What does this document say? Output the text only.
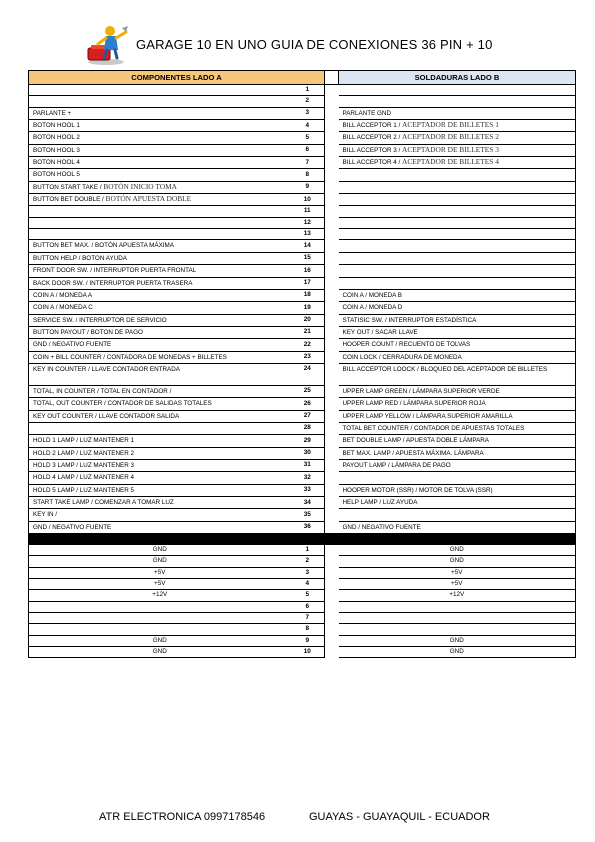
GARAGE 10 EN UNO GUIA DE CONEXIONES 36 PIN + 10
COMPONENTES LADO A			SOLDADURAS LADO B
	1		
	2		
PARLANTE +	3		PARLANTE GND
BOTON HOOL 1	4		BILL ACCEPTOR 1 / ACEPTADOR DE BILLETES 1
BOTON HOOL 2	5		BILL ACCEPTOR 2 / ACEPTADOR DE BILLETES 2
BOTON HOOL 3	6		BILL ACCEPTOR 3 / ACEPTADOR DE BILLETES 3
BOTON HOOL 4	7		BILL ACCEPTOR 4 / ACEPTADOR DE BILLETES 4
BOTON HOOL 5	8		
BUTTON START TAKE / BOTÓN INICIO TOMA	9		
BUTTON BET DOUBLE / BOTÓN APUESTA DOBLE	10		
	11		
	12		
	13		
BUTTON BET MAX. / BOTÓN APUESTA MÁXIMA	14		
BUTTON HELP / BOTON AYUDA	15		
FRONT DOOR SW. / INTERRUPTOR PUERTA FRONTAL	16		
BACK DOOR SW. / INTERRUPTOR PUERTA TRASERA	17		
COIN A / MONEDA A	18		COIN A / MONEDA B
COIN A / MONEDA C	19		COIN A / MONEDA D
SERVICE SW. / INTERRUPTOR DE SERVICIO	20		STATISIC SW. / INTERRUPTOR ESTADÍSTICA
BUTTON PAYOUT / BOTON DE PAGO	21		KEY OUT / SACAR LLAVE
GND / NEGATIVO FUENTE	22		HOOPER COUNT / RECUENTO DE TOLVAS
COIN + BILL COUNTER / CONTADORA DE MONEDAS + BILLETES	23		COIN LOCK / CERRADURA DE MONEDA
KEY IN COUNTER / LLAVE CONTADOR ENTRADA	24		BILL ACCEPTOR LOOCK / BLOQUEO DEL ACEPTADOR DE BILLETES
TOTAL, IN COUNTER / TOTAL EN CONTADOR /	25		UPPER LAMP GREEN / LÁMPARA SUPERIOR VERDE
TOTAL, OUT COUNTER / CONTADOR DE SALIDAS TOTALES	26		UPPER LAMP RED / LÁMPARA SUPERIOR ROJA
KEY OUT COUNTER / LLAVE CONTADOR SALIDA	27		UPPER LAMP YELLOW / LÁMPARA SUPERIOR AMARILLA
	28		TOTAL BET COUNTER / CONTADOR DE APUESTAS TOTALES
HOLD 1 LAMP / LUZ MANTENER 1	29		BET DOUBLE LAMP / APUESTA DOBLE LÁMPARA
HOLD 2 LAMP / LUZ MANTENER 2	30		BET MAX. LAMP / APUESTA MÁXIMA. LÁMPARA
HOLD 3 LAMP / LUZ MANTENER 3	31		PAYOUT LAMP / LÁMPARA DE PAGO
HOLD 4 LAMP / LUZ MANTENER 4	32		
HOLD 5 LAMP / LUZ MANTENER 5	33		HOOPER MOTOR (SSR) / MOTOR DE TOLVA (SSR)
START TAKE LAMP / COMENZAR A TOMAR LUZ	34		HELP LAMP / LUZ AYUDA
KEY IN /	35		
GND / NEGATIVO FUENTE	36		GND / NEGATIVO FUENTE

GND	1		GND
GND	2		GND
+5V	3		+5V
+5V	4		+5V
+12V	5		+12V
	6		
	7		
	8		
GND	9		GND
GND	10		GND
ATR ELECTRONICA 0997178546	GUAYAS - GUAYAQUIL - ECUADOR
